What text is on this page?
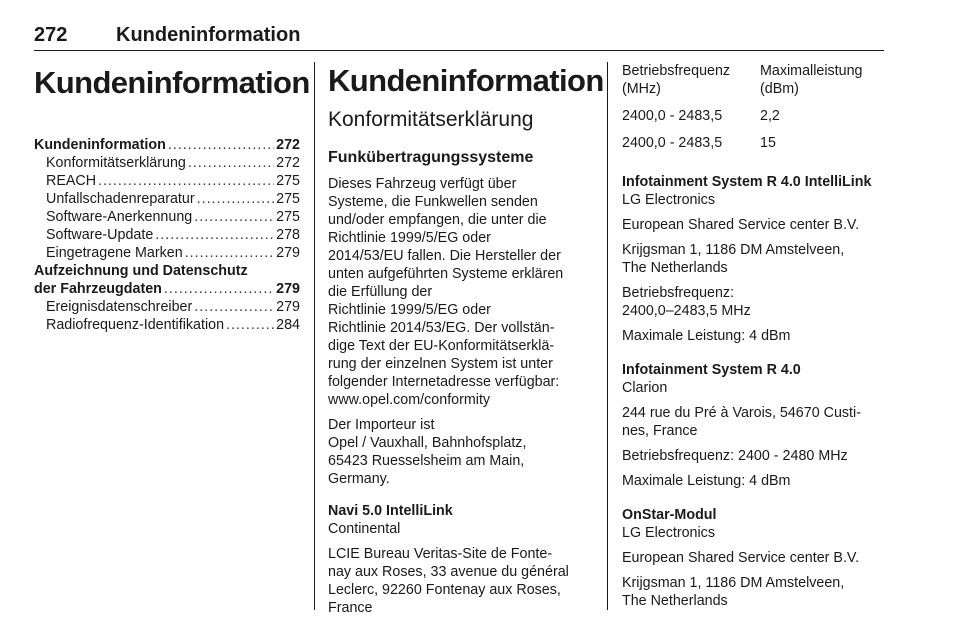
272 Kundeninformation
Kundeninformation
Kundeninformation .....	272
Konformitätserklärung .....	272
REACH .....	275
Unfallschadenreparatur .....	275
Software-Anerkennung .....	275
Software-Update .....	278
Eingetragene Marken .....	279
Aufzeichnung und Datenschutz
der Fahrzeugdaten .....	279
Ereignisdatenschreiber .....	279
Radiofrequenz-Identifikation .....	284
Kundeninformation
Konformitätserklärung
Funkübertragungssysteme

Dieses Fahrzeug verfügt über
Systeme, die Funkwellen senden
und/oder empfangen, die unter die
Richtlinie 1999/5/EG oder
2014/53/EU fallen. Die Hersteller der
unten aufgeführten Systeme erklären
die Erfüllung der
Richtlinie 1999/5/EG oder
Richtlinie 2014/53/EG. Der vollstän-
dige Text der EU-Konformitätserklä-
rung der einzelnen System ist unter
folgender Internetadresse verfügbar:
www.opel.com/conformity

Der Importeur ist
Opel / Vauxhall, Bahnhofsplatz,
65423 Ruesselsheim am Main,
Germany.

Navi 5.0 IntelliLink

Continental

LCIE Bureau Veritas-Site de Fonte-
nay aux Roses, 33 avenue du général
Leclerc, 92260 Fontenay aux Roses,
France

Betriebsfrequenz
(MHz)	Maximalleistung
(dBm)

2400,0 - 2483,5	2,2
2400,0 - 2483,5	15
Infotainment System R 4.0 IntelliLink

LG Electronics

European Shared Service center B.V.

Krijgsman 1, 1186 DM Amstelveen,
The Netherlands

Betriebsfrequenz:
2400,0–2483,5 MHz

Maximale Leistung: 4 dBm

Infotainment System R 4.0

Clarion

244 rue du Pré à Varois, 54670 Custi-
nes, France

Betriebsfrequenz: 2400 - 2480 MHz

Maximale Leistung: 4 dBm

OnStar-Modul

LG Electronics

European Shared Service center B.V.

Krijgsman 1, 1186 DM Amstelveen,
The Netherlands
